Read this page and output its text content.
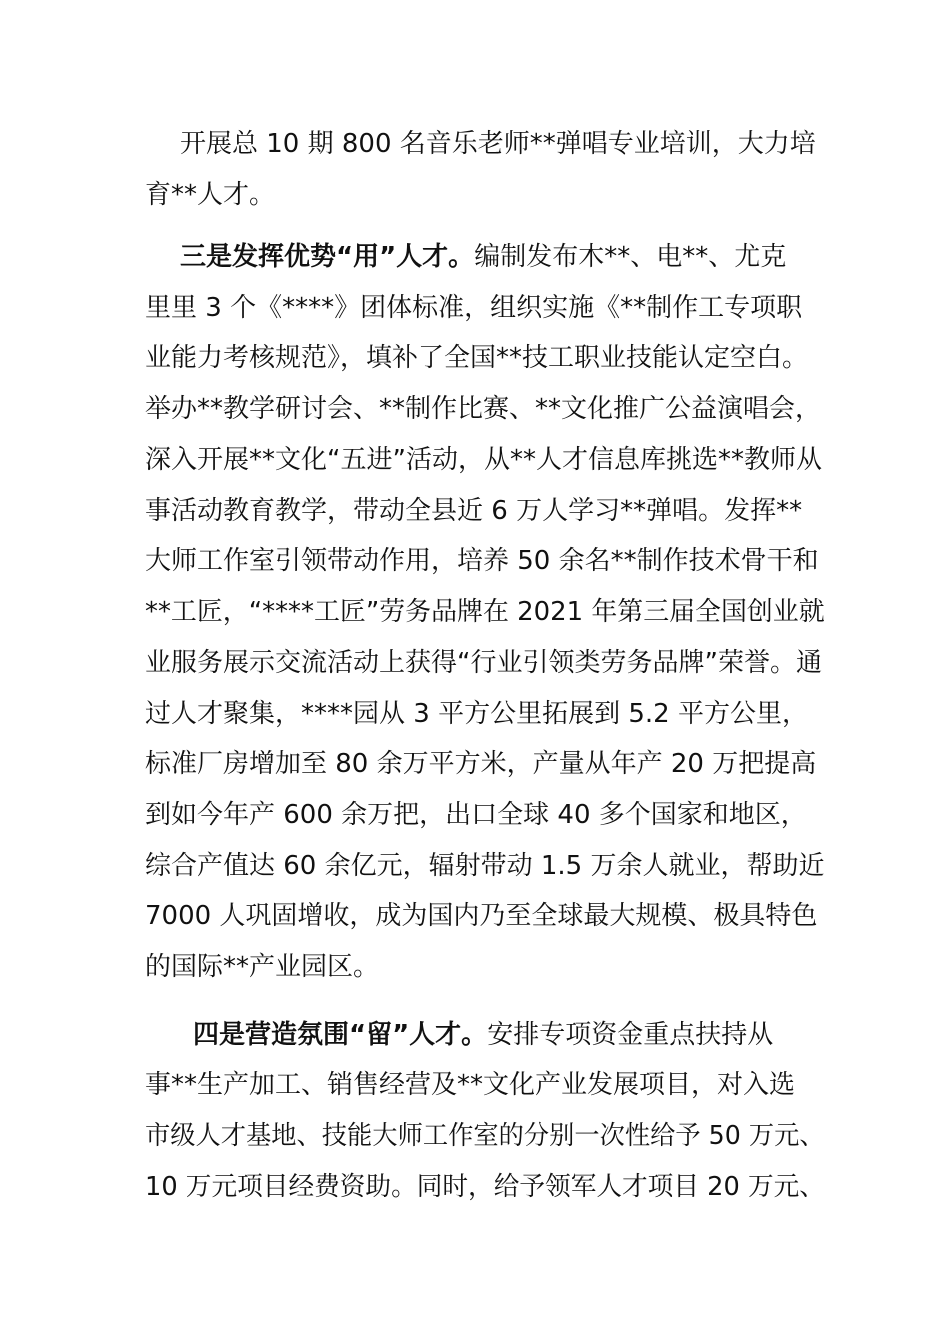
开展总 10 期 800 名音乐老师**弹唱专业培训，大力培
育**人才。
三是发挥优势“用”人才。编制发布木**、电**、尤克
里里 3 个《****》团体标准，组织实施《**制作工专项职
业能力考核规范》，填补了全国**技工职业技能认定空白。
举办**教学研讨会、**制作比赛、**文化推广公益演唱会，
深入开展**文化“五进”活动，从**人才信息库挑选**教师从
事活动教育教学，带动全县近 6 万人学习**弹唱。发挥**
大师工作室引领带动作用，培养 50 余名**制作技术骨干和
**工匠，“****工匠”劳务品牌在 2021 年第三届全国创业就
业服务展示交流活动上获得“行业引领类劳务品牌”荣誉。通
过人才聚集，****园从 3 平方公里拓展到 5.2 平方公里，
标准厂房增加至 80 余万平方米，产量从年产 20 万把提高
到如今年产 600 余万把，出口全球 40 多个国家和地区，
综合产值达 60 余亿元，辐射带动 1.5 万余人就业，帮助近
7000 人巩固增收，成为国内乃至全球最大规模、极具特色
的国际**产业园区。
四是营造氛围“留”人才。安排专项资金重点扶持从
事**生产加工、销售经营及**文化产业发展项目，对入选
市级人才基地、技能大师工作室的分别一次性给予 50 万元、
10 万元项目经费资助。同时，给予领军人才项目 20 万元、
